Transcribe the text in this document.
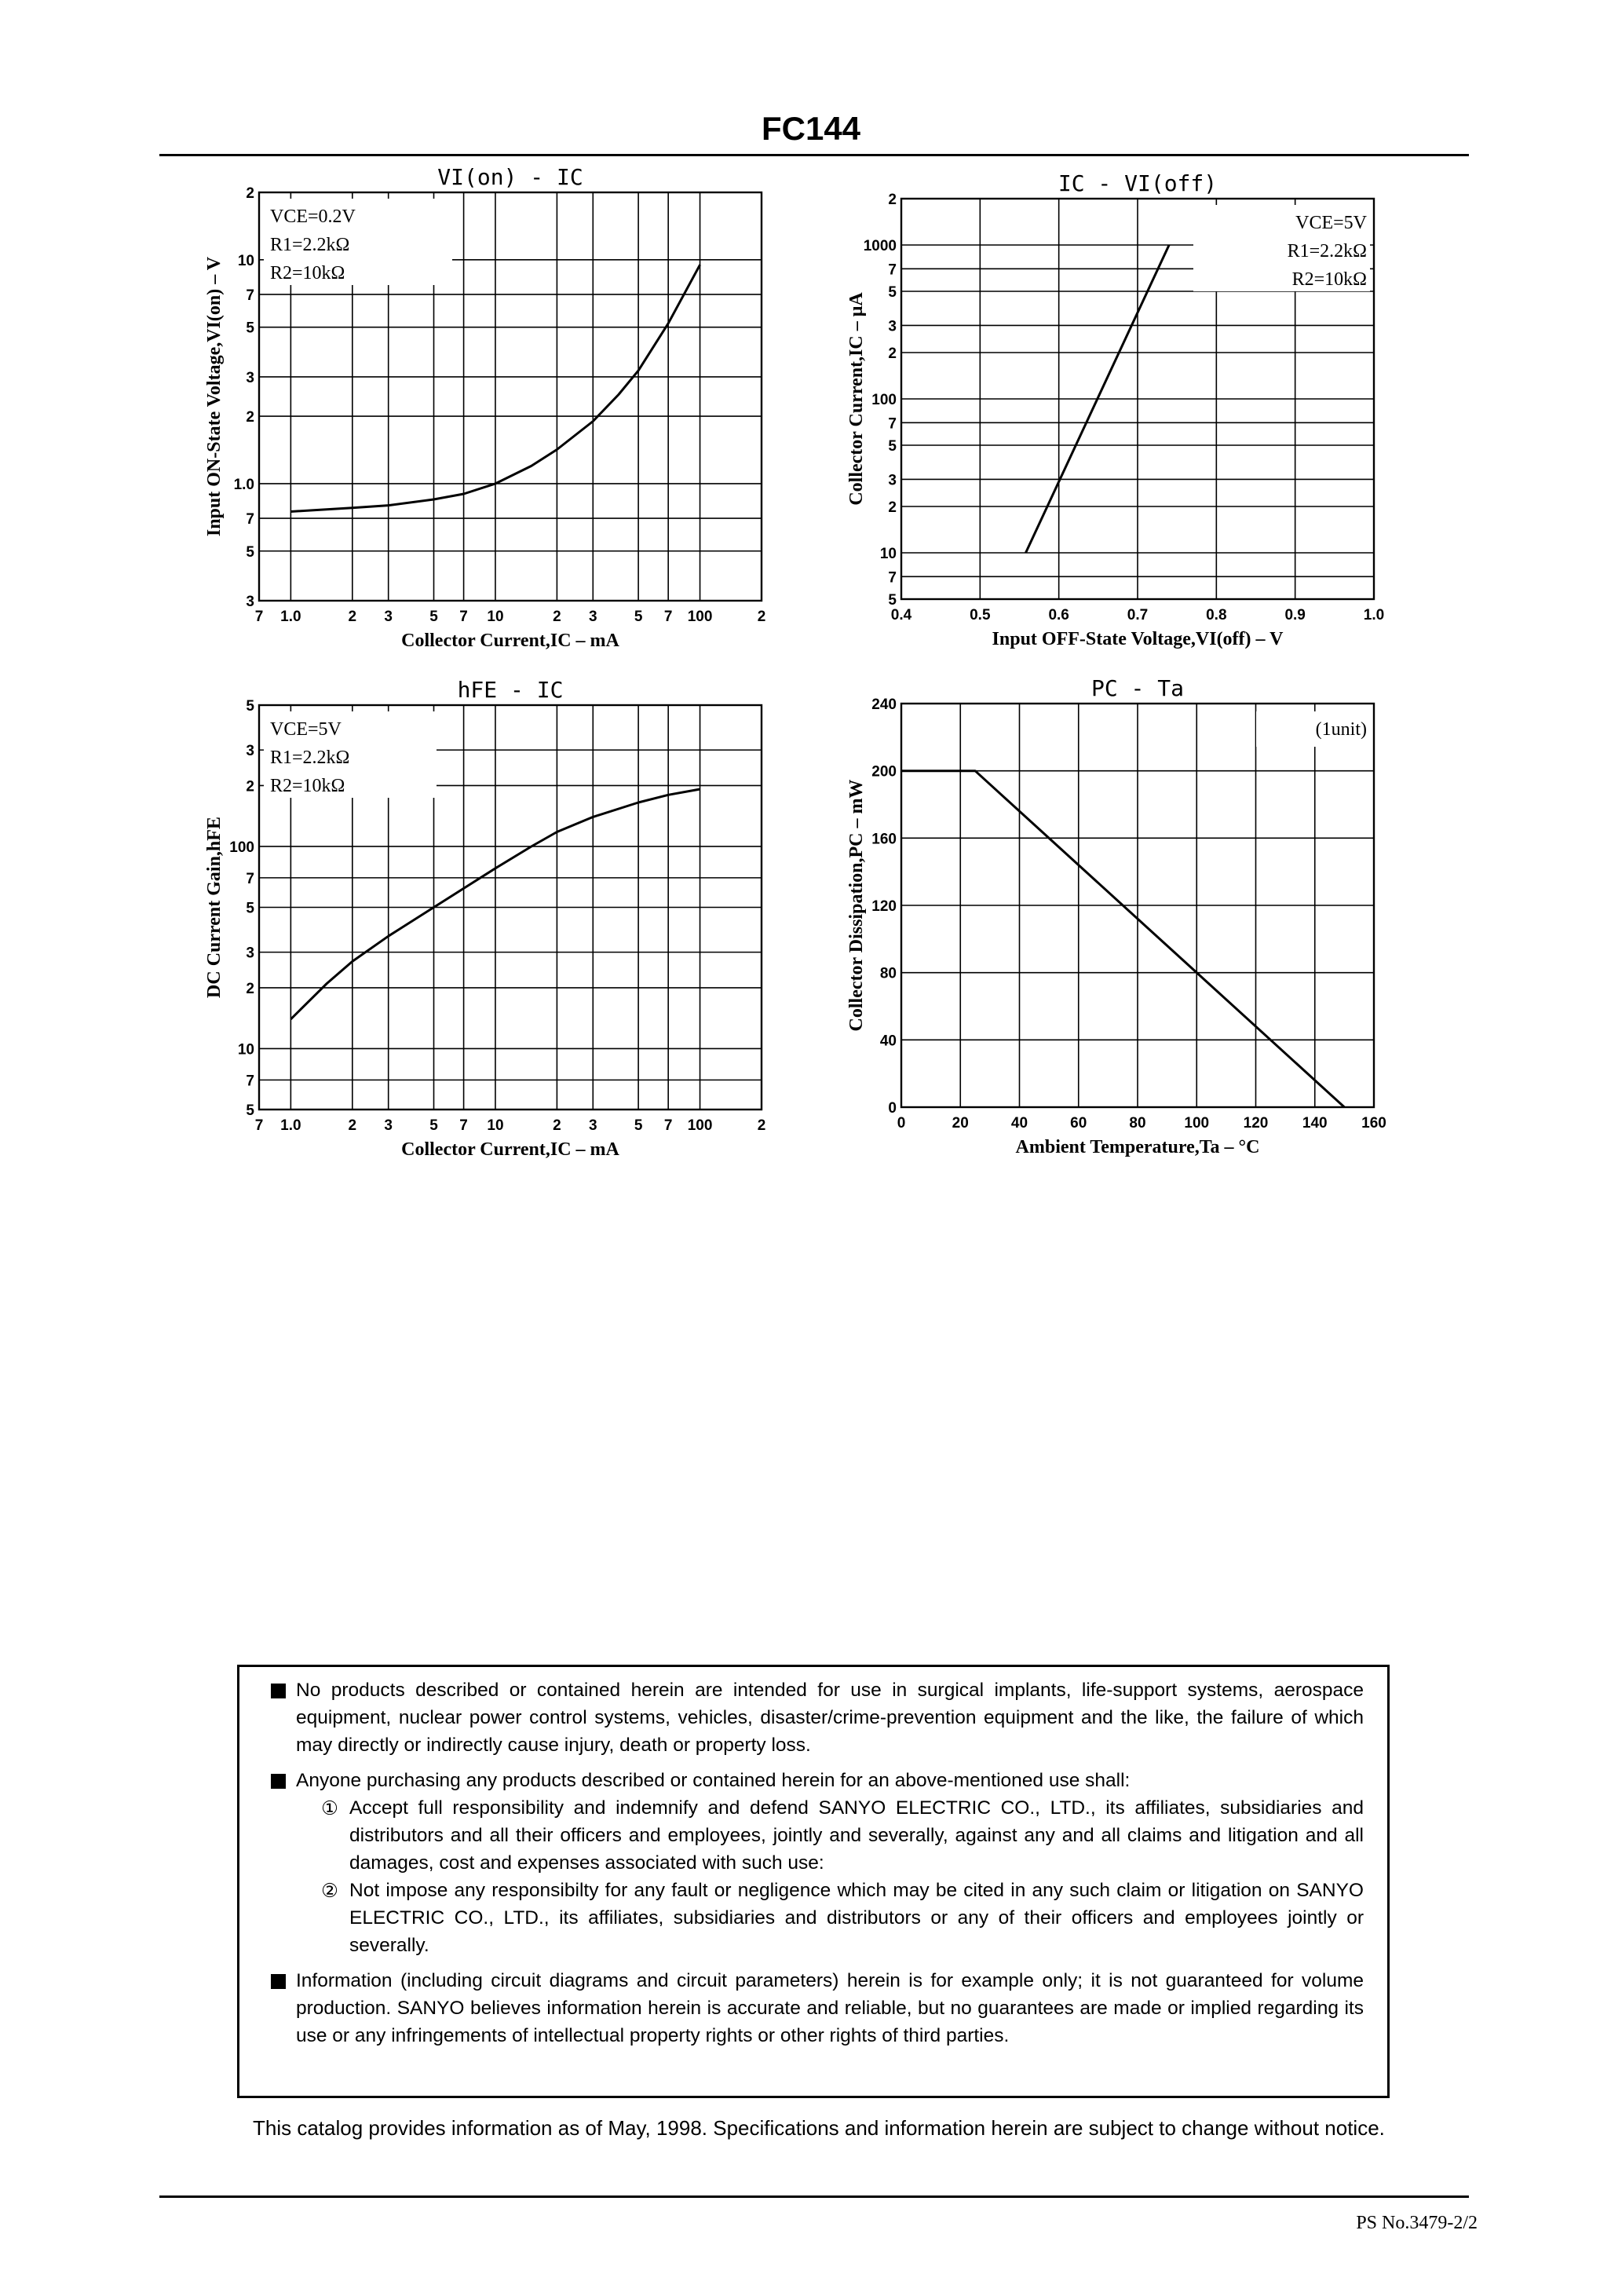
FC144
7 1.0	2 3 5 7 10	2 3 5 7 100	2
3
5
7
1.0
2
3
5
7
10
2
VI(on) - IC
Collector Current,IC – mA
Input ON-State Voltage,VI(on) – V
VCE=0.2V
R1=2.2kΩ
R2=10kΩ
0.4	0.5	0.6	0.7	0.8	0.9	1.0
5
7
10
2
3
5
7
100
2
3
5
7
1000
2
IC - VI(off)
Input OFF-State Voltage,VI(off) – V
Collector Current,IC – μA
VCE=5V
R1=2.2kΩ
R2=10kΩ
7 1.0	2 3 5 7 10	2 3 5 7 100	2
5
7
10
2
3
5
7
100
2
3
5
hFE - IC
Collector Current,IC – mA
DC Current Gain,hFE
VCE=5V
R1=2.2kΩ
R2=10kΩ
0	20	40	60	80	100 120 140 160
0
40
80
120
160
200
240
PC - Ta
Ambient Temperature,Ta – °C
Collector Dissipation,PC – mW
(1unit)
No products described or contained herein are intended for use in surgical implants, life-support systems, aerospace equipment, nuclear power control systems, vehicles, disaster/crime-prevention equipment and the like, the failure of which may directly or indirectly cause injury, death or property loss.
Anyone purchasing any products described or contained herein for an above-mentioned use shall:
① Accept full responsibility and indemnify and defend SANYO ELECTRIC CO., LTD., its affiliates, subsidiaries and distributors and all their officers and employees, jointly and severally, against any and all claims and litigation and all damages, cost and expenses associated with such use:
② Not impose any responsibilty for any fault or negligence which may be cited in any such claim or litigation on SANYO ELECTRIC CO., LTD., its affiliates, subsidiaries and distributors or any of their officers and employees jointly or severally.
Information (including circuit diagrams and circuit parameters) herein is for example only; it is not guaranteed for volume production. SANYO believes information herein is accurate and reliable, but no guarantees are made or implied regarding its use or any infringements of intellectual property rights or other rights of third parties.
This catalog provides information as of May, 1998. Specifications and information herein are subject to change without notice.
PS No.3479-2/2
